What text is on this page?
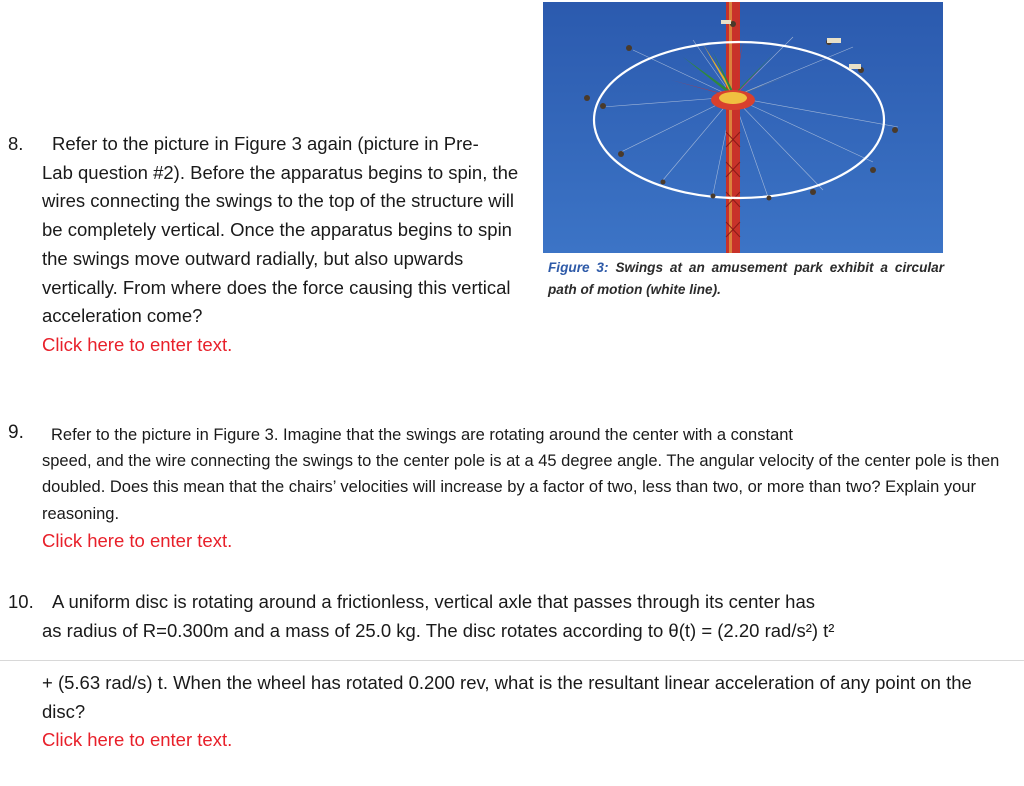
8.	Refer to the picture in Figure 3 again (picture in Pre-
Lab question #2). Before the apparatus begins to spin, the wires connecting the swings to the top of the structure will be completely vertical. Once the apparatus begins to spin the swings move outward radially, but also upwards vertically. From where does the force causing this vertical acceleration come?
Click here to enter text.
Figure 3: Swings at an amusement park exhibit a circular path of motion (white line).
9.	Refer to the picture in Figure 3. Imagine that the swings are rotating around the center with a constant
speed, and the wire connecting the swings to the center pole is at a 45 degree angle. The angular velocity of the center pole is then doubled. Does this mean that the chairs’ velocities will increase by a factor of two, less than two, or more than two? Explain your reasoning.
Click here to enter text.
10. A uniform disc is rotating around a frictionless, vertical axle that passes through its center has
as radius of R=0.300m and a mass of 25.0 kg. The disc rotates according to θ(t) = (2.20 rad/s²) t²
+ (5.63 rad/s) t. When the wheel has rotated 0.200 rev, what is the resultant linear acceleration of any point on the disc?
Click here to enter text.
